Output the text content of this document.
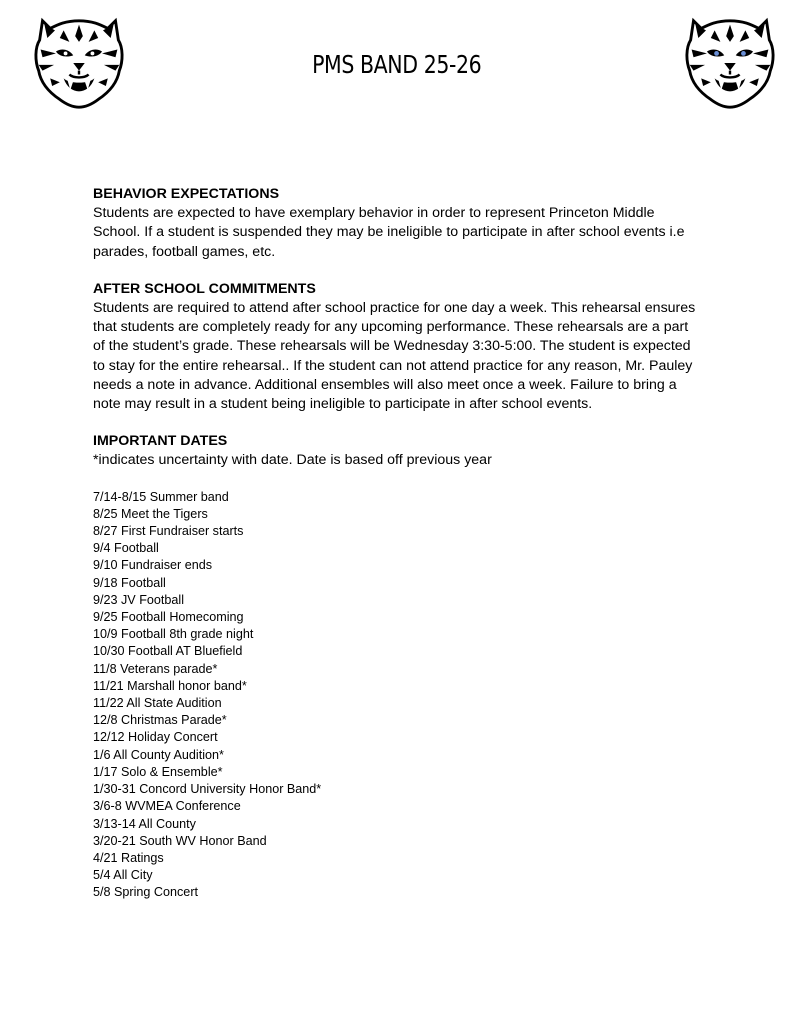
PMS BAND 25-26
BEHAVIOR EXPECTATIONS
Students are expected to have exemplary behavior in order to represent Princeton Middle School. If a student is suspended they may be ineligible to participate in after school events i.e parades, football games, etc.
AFTER SCHOOL COMMITMENTS
Students are required to attend after school practice for one day a week. This rehearsal ensures that students are completely ready for any upcoming performance. These rehearsals are a part of the student’s grade. These rehearsals will be Wednesday 3:30-5:00. The student is expected to stay for the entire rehearsal.. If the student can not attend practice for any reason, Mr. Pauley needs a note in advance. Additional ensembles will also meet once a week. Failure to bring a note may result in a student being ineligible to participate in after school events.
IMPORTANT DATES
*indicates uncertainty with date. Date is based off previous year
7/14-8/15 Summer band
8/25 Meet the Tigers
8/27 First Fundraiser starts
9/4 Football
9/10 Fundraiser ends
9/18 Football
9/23 JV Football
9/25 Football Homecoming
10/9 Football 8th grade night
10/30 Football AT Bluefield
11/8 Veterans parade*
11/21 Marshall honor band*
11/22 All State Audition
12/8 Christmas Parade*
12/12 Holiday Concert
1/6 All County Audition*
1/17 Solo & Ensemble*
1/30-31 Concord University Honor Band*
3/6-8 WVMEA Conference
3/13-14 All County
3/20-21 South WV Honor Band
4/21 Ratings
5/4 All City
5/8 Spring Concert
